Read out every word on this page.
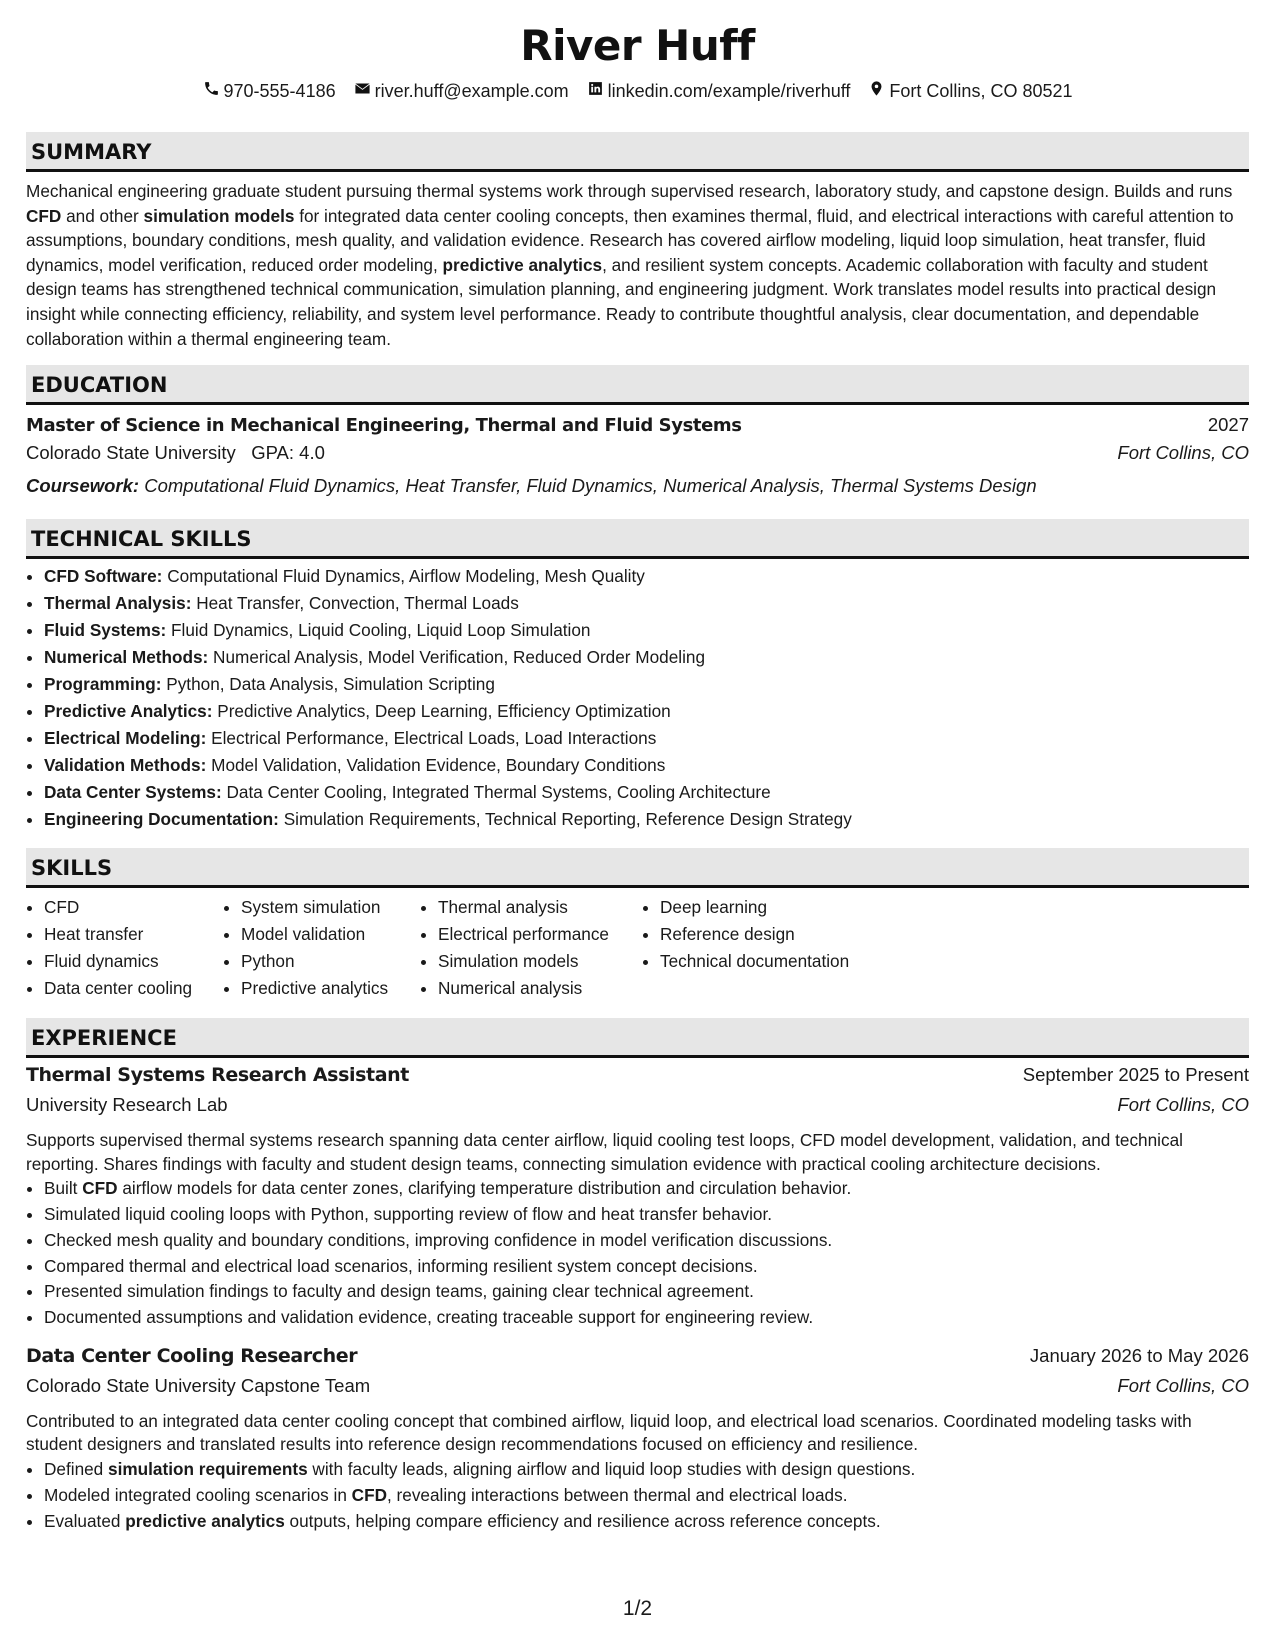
River Huff
970-555-4186 river.huff@example.com linkedin.com/example/riverhuff Fort Collins, CO 80521
SUMMARY
Mechanical engineering graduate student pursuing thermal systems work through supervised research, laboratory study, and capstone design. Builds and runs CFD and other simulation models for integrated data center cooling concepts, then examines thermal, fluid, and electrical interactions with careful attention to assumptions, boundary conditions, mesh quality, and validation evidence. Research has covered airflow modeling, liquid loop simulation, heat transfer, fluid dynamics, model verification, reduced order modeling, predictive analytics, and resilient system concepts. Academic collaboration with faculty and student design teams has strengthened technical communication, simulation planning, and engineering judgment. Work translates model results into practical design insight while connecting efficiency, reliability, and system level performance. Ready to contribute thoughtful analysis, clear documentation, and dependable collaboration within a thermal engineering team.
EDUCATION
Master of Science in Mechanical Engineering, Thermal and Fluid Systems	2027
Colorado State University GPA: 4.0	Fort Collins, CO
Coursework: Computational Fluid Dynamics, Heat Transfer, Fluid Dynamics, Numerical Analysis, Thermal Systems Design
TECHNICAL SKILLS
• CFD Software: Computational Fluid Dynamics, Airflow Modeling, Mesh Quality
• Thermal Analysis: Heat Transfer, Convection, Thermal Loads
• Fluid Systems: Fluid Dynamics, Liquid Cooling, Liquid Loop Simulation
• Numerical Methods: Numerical Analysis, Model Verification, Reduced Order Modeling
• Programming: Python, Data Analysis, Simulation Scripting
• Predictive Analytics: Predictive Analytics, Deep Learning, Efficiency Optimization
• Electrical Modeling: Electrical Performance, Electrical Loads, Load Interactions
• Validation Methods: Model Validation, Validation Evidence, Boundary Conditions
• Data Center Systems: Data Center Cooling, Integrated Thermal Systems, Cooling Architecture
• Engineering Documentation: Simulation Requirements, Technical Reporting, Reference Design Strategy
SKILLS
• CFD
• Heat transfer
• Fluid dynamics
• Data center cooling
• System simulation
• Model validation
• Python
• Predictive analytics
• Thermal analysis
• Electrical performance
• Simulation models
• Numerical analysis
• Deep learning
• Reference design
• Technical documentation
EXPERIENCE
Thermal Systems Research Assistant	September 2025 to Present
University Research Lab	Fort Collins, CO
Supports supervised thermal systems research spanning data center airflow, liquid cooling test loops, CFD model development, validation, and technical reporting. Shares findings with faculty and student design teams, connecting simulation evidence with practical cooling architecture decisions.
• Built CFD airflow models for data center zones, clarifying temperature distribution and circulation behavior.
• Simulated liquid cooling loops with Python, supporting review of flow and heat transfer behavior.
• Checked mesh quality and boundary conditions, improving confidence in model verification discussions.
• Compared thermal and electrical load scenarios, informing resilient system concept decisions.
• Presented simulation findings to faculty and design teams, gaining clear technical agreement.
• Documented assumptions and validation evidence, creating traceable support for engineering review.
Data Center Cooling Researcher	January 2026 to May 2026
Colorado State University Capstone Team	Fort Collins, CO
Contributed to an integrated data center cooling concept that combined airflow, liquid loop, and electrical load scenarios. Coordinated modeling tasks with student designers and translated results into reference design recommendations focused on efficiency and resilience.
• Defined simulation requirements with faculty leads, aligning airflow and liquid loop studies with design questions.
• Modeled integrated cooling scenarios in CFD, revealing interactions between thermal and electrical loads.
• Evaluated predictive analytics outputs, helping compare efficiency and resilience across reference concepts.
1/2
